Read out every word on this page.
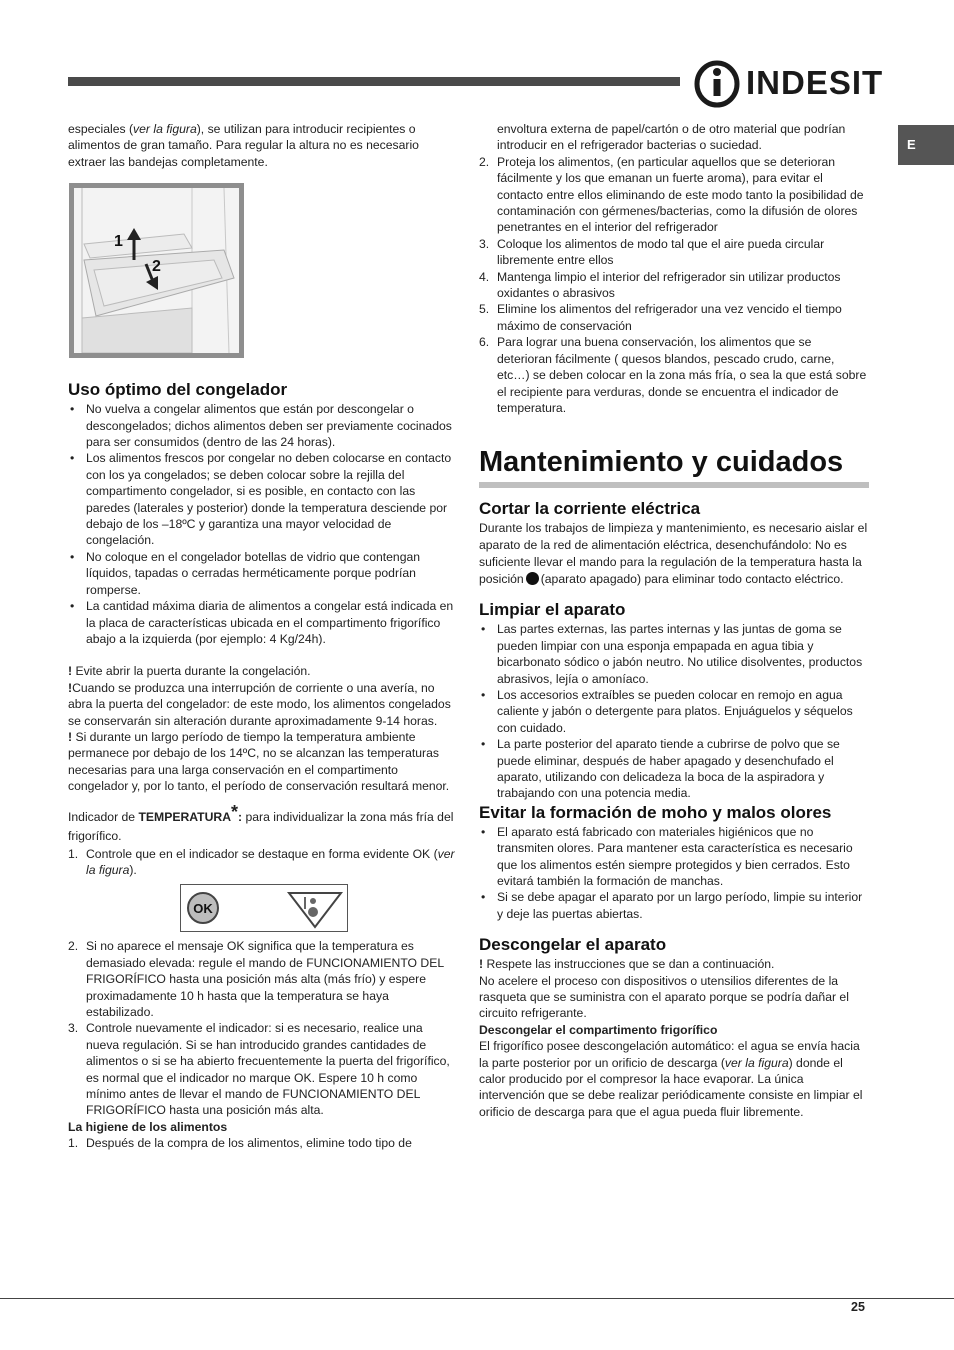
INDESIT
E

especiales (ver la figura), se utilizan para introducir recipientes o alimentos de gran tamaño. Para regular la altura no es necesario extraer las bandejas completamente.

1
2
Uso óptimo del congelador
• No vuelva a congelar alimentos que están por descongelar o descongelados; dichos alimentos deben ser previamente cocinados para ser consumidos (dentro de las 24 horas).
• Los alimentos frescos por congelar no deben colocarse en contacto con los ya congelados; se deben colocar sobre la rejilla del compartimento congelador, si es posible, en contacto con las paredes (laterales y posterior) donde la temperatura desciende por debajo de los –18ºC y garantiza una mayor velocidad de congelación.
• No coloque en el congelador botellas de vidrio que contengan líquidos, tapadas o cerradas herméticamente porque podrían romperse.
• La cantidad máxima diaria de alimentos a congelar está indicada en la placa de características ubicada en el compartimento frigorífico abajo a la izquierda (por ejemplo: 4 Kg/24h).

! Evite abrir la puerta durante la congelación.

!Cuando se produzca una interrupción de corriente o una avería, no abra la puerta del congelador: de este modo, los alimentos congelados se conservarán sin alteración durante aproximadamente 9-14 horas.

! Si durante un largo período de tiempo la temperatura ambiente permanece por debajo de los 14ºC, no se alcanzan las temperaturas necesarias para una larga conservación en el compartimento congelador y, por lo tanto, el período de conservación resultará menor.

Indicador de TEMPERATURA*: para individualizar la zona más fría del frigorífico.

1. Controle que en el indicador se destaque en forma evidente OK (ver la figura).
OK
2. Si no aparece el mensaje OK significa que la temperatura es demasiado elevada: regule el mando de FUNCIONAMIENTO DEL FRIGORÍFICO hasta una posición más alta (más frío) y espere proximadamente 10 h hasta que la temperatura se haya estabilizado.
3. Controle nuevamente el indicador: si es necesario, realice una nueva regulación. Si se han introducido grandes cantidades de alimentos o si se ha abierto frecuentemente la puerta del frigorífico, es normal que el indicador no marque OK. Espere 10 h como mínimo antes de llevar el mando de FUNCIONAMIENTO DEL FRIGORÍFICO hasta una posición más alta.

La higiene de los alimentos

1. Después de la compra de los alimentos, elimine todo tipo de
envoltura externa de papel/cartón o de otro material que podrían introducir en el refrigerador bacterias o suciedad.
2. Proteja los alimentos, (en particular aquellos que se deterioran fácilmente y los que emanan un fuerte aroma), para evitar el contacto entre ellos eliminando de este modo tanto la posibilidad de contaminación con gérmenes/bacterias, como la difusión de olores penetrantes en el interior del refrigerador
3. Coloque los alimentos de modo tal que el aire pueda circular libremente entre ellos
4. Mantenga limpio el interior del refrigerador sin utilizar productos oxidantes o abrasivos
5. Elimine los alimentos del refrigerador una vez vencido el tiempo máximo de conservación
6. Para lograr una buena conservación, los alimentos que se deterioran fácilmente ( quesos blandos, pescado crudo, carne, etc…) se deben colocar en la zona más fría, o sea la que está sobre el recipiente para verduras, donde se encuentra el indicador de temperatura.
Mantenimiento y cuidados
Cortar la corriente eléctrica

Durante los trabajos de limpieza y mantenimiento, es necesario aislar el aparato de la red de alimentación eléctrica, desenchufándolo: No es suficiente llevar el mando para la regulación de la temperatura hasta la posición (aparato apagado) para eliminar todo contacto eléctrico.

Limpiar el aparato
• Las partes externas, las partes internas y las juntas de goma se pueden limpiar con una esponja empapada en agua tibia y bicarbonato sódico o jabón neutro. No utilice disolventes, productos abrasivos, lejía o amoníaco.
• Los accesorios extraíbles se pueden colocar en remojo en agua caliente y jabón o detergente para platos. Enjuáguelos y séquelos con cuidado.
• La parte posterior del aparato tiende a cubrirse de polvo que se puede eliminar, después de haber apagado y desenchufado el aparato, utilizando con delicadeza la boca de la aspiradora y trabajando con una potencia media.
Evitar la formación de moho y malos olores
• El aparato está fabricado con materiales higiénicos que no transmiten olores. Para mantener esta característica es necesario que los alimentos estén siempre protegidos y bien cerrados. Esto evitará también la formación de manchas.
• Si se debe apagar el aparato por un largo período, limpie su interior y deje las puertas abiertas.
Descongelar el aparato

! Respete las instrucciones que se dan a continuación.

No acelere el proceso con dispositivos o utensilios diferentes de la rasqueta que se suministra con el aparato porque se podría dañar el circuito refrigerante.

Descongelar el compartimento frigorífico

El frigorífico posee descongelación automático: el agua se envía hacia la parte posterior por un orificio de descarga (ver la figura) donde el calor producido por el compresor la hace evaporar. La única intervención que se debe realizar periódicamente consiste en limpiar el orificio de descarga para que el agua pueda fluir libremente.

25
